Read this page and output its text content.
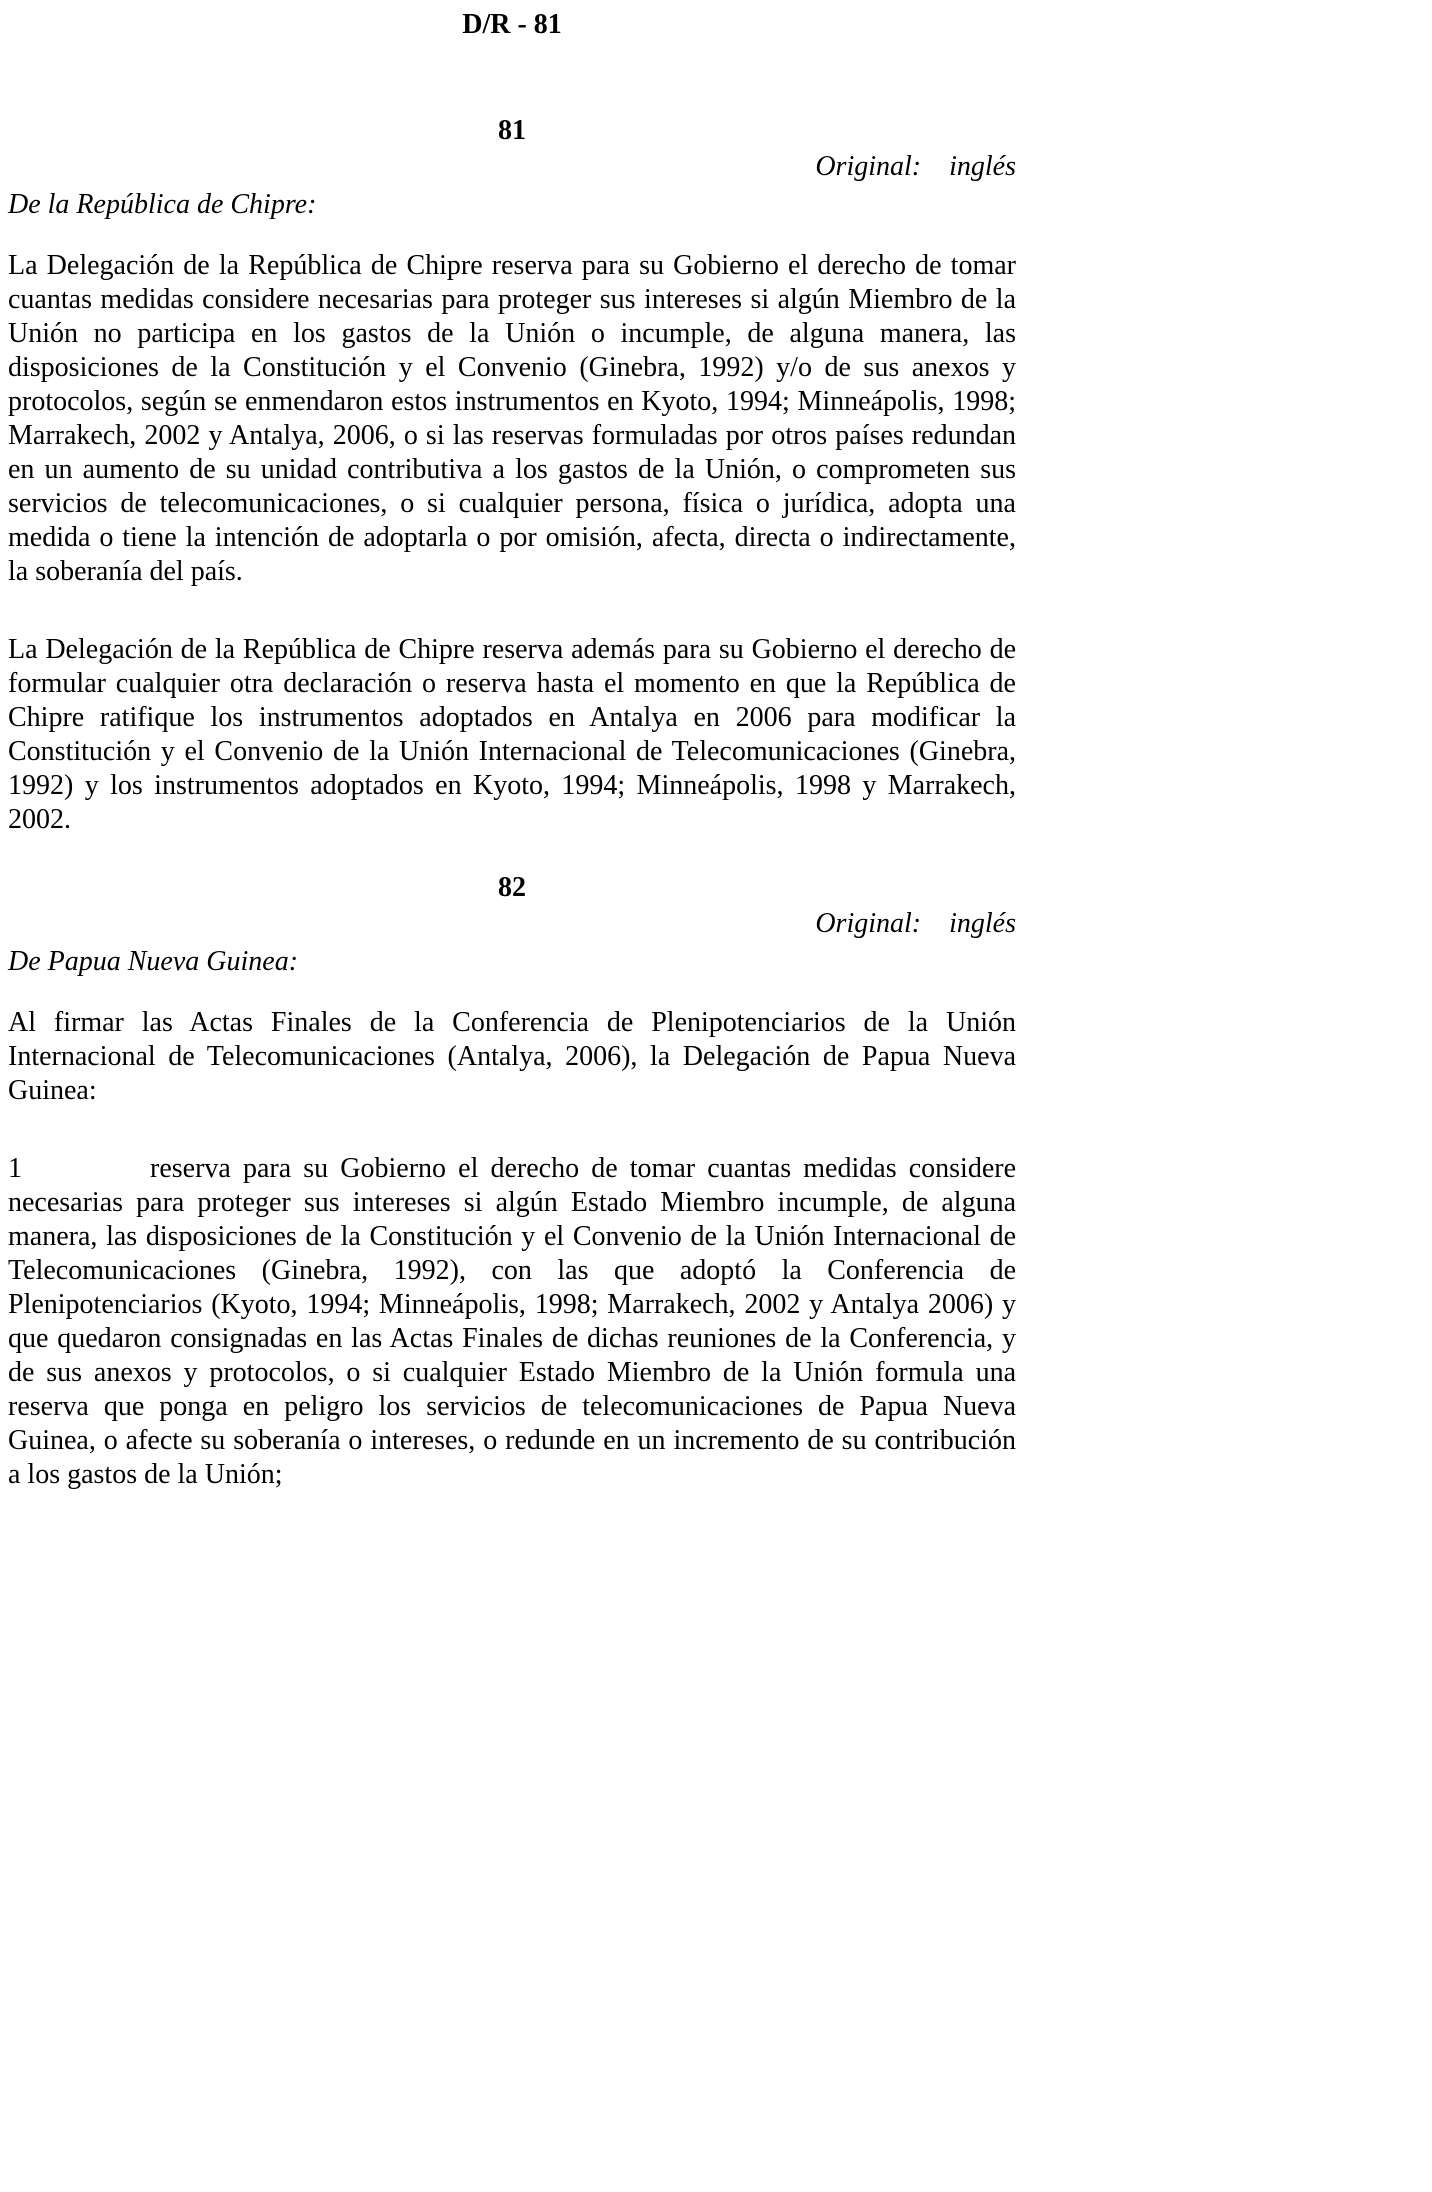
D/R - 81
81
Original:    inglés
De la República de Chipre:

La Delegación de la República de Chipre reserva para su Gobierno el derecho de tomar cuantas medidas considere necesarias para proteger sus intereses si algún Miembro de la Unión no participa en los gastos de la Unión o incumple, de alguna manera, las disposiciones de la Constitución y el Convenio (Ginebra, 1992) y/o de sus anexos y protocolos, según se enmendaron estos instrumentos en Kyoto, 1994; Minneápolis, 1998; Marrakech, 2002 y Antalya, 2006, o si las reservas formuladas por otros países redundan en un aumento de su unidad contributiva a los gastos de la Unión, o comprometen sus servicios de telecomunicaciones, o si cualquier persona, física o jurídica, adopta una medida o tiene la intención de adoptarla o por omisión, afecta, directa o indirectamente, la soberanía del país.

La Delegación de la República de Chipre reserva además para su Gobierno el derecho de formular cualquier otra declaración o reserva hasta el momento en que la República de Chipre ratifique los instrumentos adoptados en Antalya en 2006 para modificar la Constitución y el Convenio de la Unión Internacional de Telecomunicaciones (Ginebra, 1992) y los instrumentos adoptados en Kyoto, 1994; Minneápolis, 1998 y Marrakech, 2002.

82
Original:    inglés
De Papua Nueva Guinea:

Al firmar las Actas Finales de la Conferencia de Plenipotenciarios de la Unión Internacional de Telecomunicaciones (Antalya, 2006), la Delegación de Papua Nueva Guinea:

1	reserva para su Gobierno el derecho de tomar cuantas medidas considere necesarias para proteger sus intereses si algún Estado Miembro incumple, de alguna manera, las disposiciones de la Constitución y el Convenio de la Unión Internacional de Telecomunicaciones (Ginebra, 1992), con las que adoptó la Conferencia de Plenipotenciarios (Kyoto, 1994; Minneápolis, 1998; Marrakech, 2002 y Antalya 2006) y que quedaron consignadas en las Actas Finales de dichas reuniones de la Conferencia, y de sus anexos y protocolos, o si cualquier Estado Miembro de la Unión formula una reserva que ponga en peligro los servicios de telecomunicaciones de Papua Nueva Guinea, o afecte su soberanía o intereses, o redunde en un incremento de su contribución a los gastos de la Unión;
